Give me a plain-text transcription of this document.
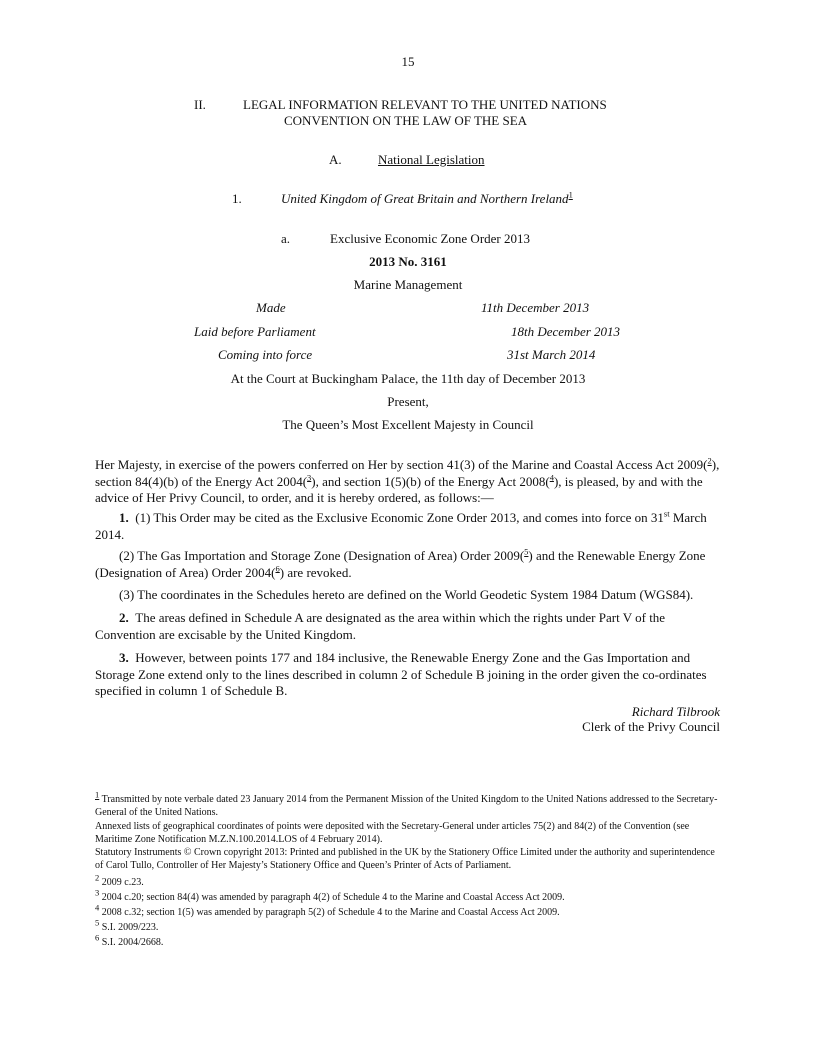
15
II.	LEGAL INFORMATION RELEVANT TO THE UNITED NATIONS
CONVENTION ON THE LAW OF THE SEA
A.	National Legislation
1.	United Kingdom of Great Britain and Northern Ireland$^1$
a.	Exclusive Economic Zone Order 2013
2013 No. 3161
Marine Management
Made	11th December 2013
Laid before Parliament	18th December 2013
Coming into force	31st March 2014
At the Court at Buckingham Palace, the 11th day of December 2013
Present,
The Queen’s Most Excellent Majesty in Council
Her Majesty, in exercise of the powers conferred on Her by section 41(3) of the Marine and Coastal Access Act 2009($^2$), section 84(4)(b) of the Energy Act 2004($^3$), and section 1(5)(b) of the Energy Act 2008($^4$), is pleased, by and with the advice of Her Privy Council, to order, and it is hereby ordered, as follows:—
1. (1) This Order may be cited as the Exclusive Economic Zone Order 2013, and comes into force on 31st March 2014.
(2) The Gas Importation and Storage Zone (Designation of Area) Order 2009($^5$) and the Renewable Energy Zone (Designation of Area) Order 2004($^6$) are revoked.
(3) The coordinates in the Schedules hereto are defined on the World Geodetic System 1984 Datum (WGS84).
2. The areas defined in Schedule A are designated as the area within which the rights under Part V of the Convention are excisable by the United Kingdom.
3. However, between points 177 and 184 inclusive, the Renewable Energy Zone and the Gas Importation and Storage Zone extend only to the lines described in column 2 of Schedule B joining in the order given the co-ordinates specified in column 1 of Schedule B.
Richard Tilbrook
Clerk of the Privy Council
$^1$ Transmitted by note verbale dated 23 January 2014 from the Permanent Mission of the United Kingdom to the United Nations addressed to the Secretary-General of the United Nations.
Annexed lists of geographical coordinates of points were deposited with the Secretary-General under articles 75(2) and 84(2) of the Convention (see Maritime Zone Notification M.Z.N.100.2014.LOS of 4 February 2014).
Statutory Instruments © Crown copyright 2013: Printed and published in the UK by the Stationery Office Limited under the authority and superintendence of Carol Tullo, Controller of Her Majesty’s Stationery Office and Queen’s Printer of Acts of Parliament.
$^2$ 2009 c.23.
$^3$ 2004 c.20; section 84(4) was amended by paragraph 4(2) of Schedule 4 to the Marine and Coastal Access Act 2009.
$^4$ 2008 c.32; section 1(5) was amended by paragraph 5(2) of Schedule 4 to the Marine and Coastal Access Act 2009.
$^5$ S.I. 2009/223.
$^6$ S.I. 2004/2668.
